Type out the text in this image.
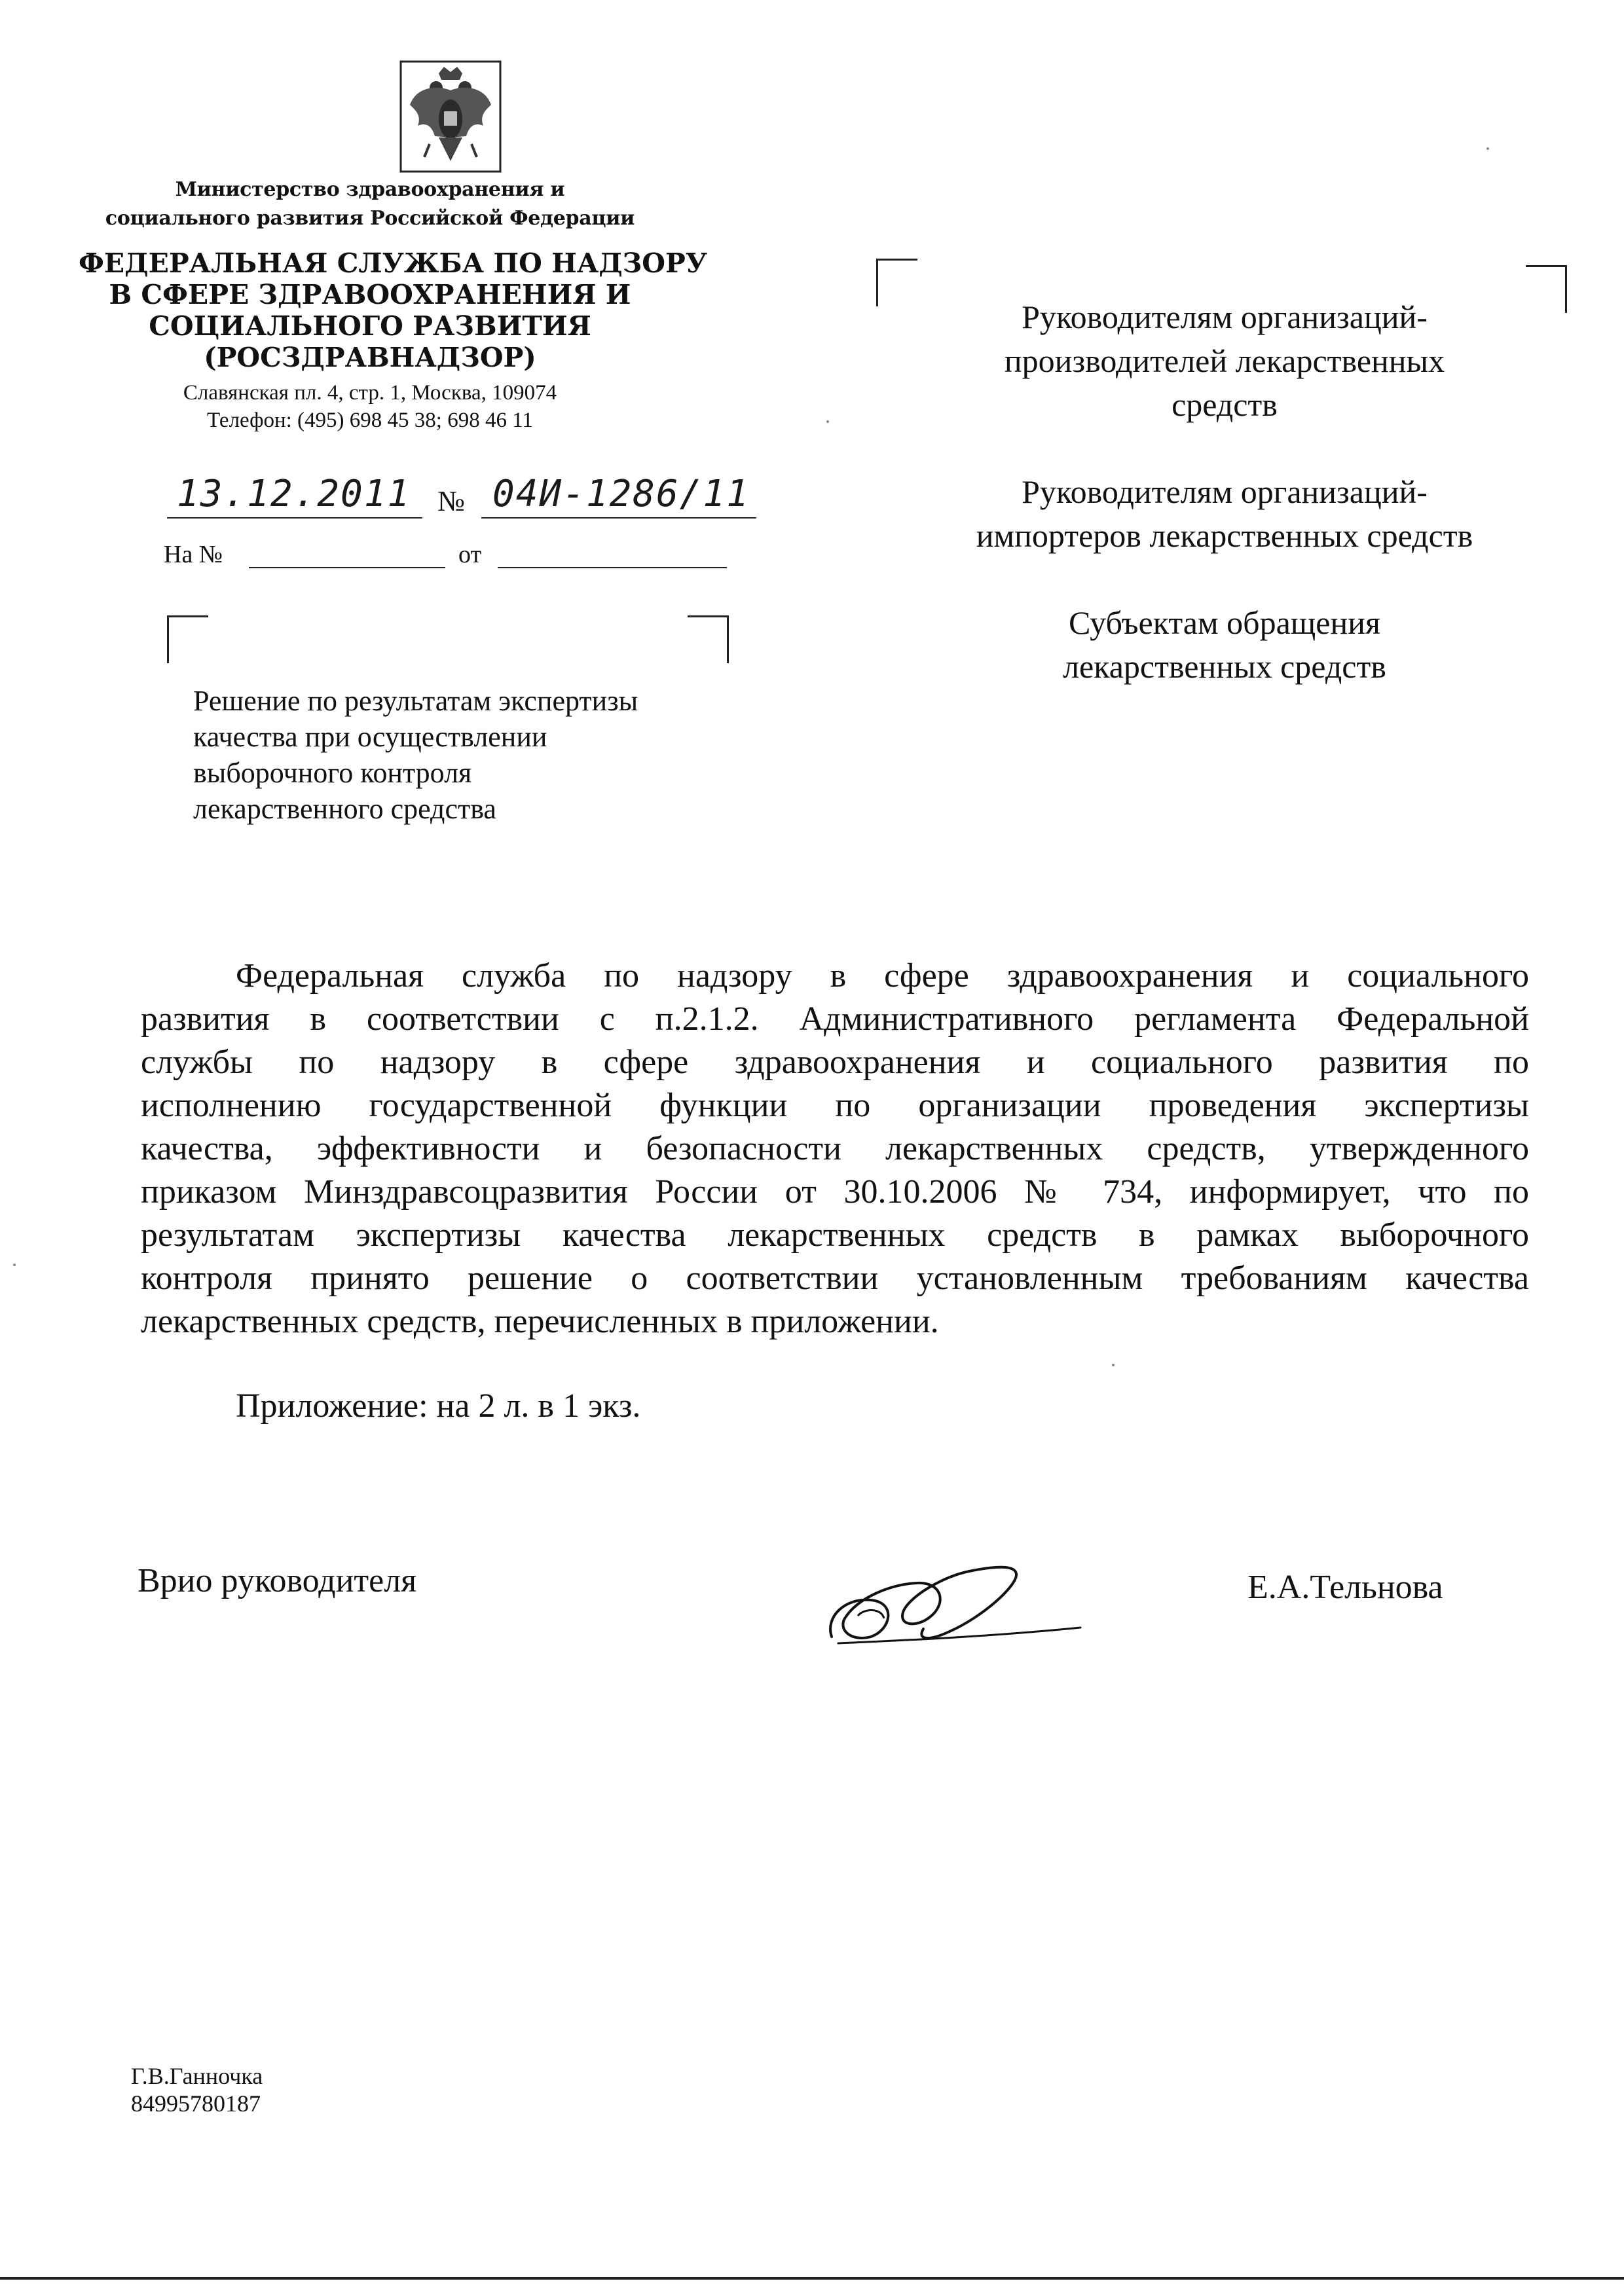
Министерство здравоохранения и
социального развития Российской Федерации
ФЕДЕРАЛЬНАЯ СЛУЖБА ПО НАДЗОРУ
В СФЕРЕ ЗДРАВООХРАНЕНИЯ И
СОЦИАЛЬНОГО РАЗВИТИЯ
(РОСЗДРАВНАДЗОР)
Славянская пл. 4, стр. 1, Москва, 109074
Телефон: (495) 698 45 38; 698 46 11
13.12.2011 № 04И-1286/11
На №	от
Решение по результатам экспертизы
качества при осуществлении
выборочного контроля
лекарственного средства
Руководителям организаций-
производителей лекарственных
средств
Руководителям организаций-
импортеров лекарственных средств
Субъектам обращения
лекарственных средств
Федеральная служба по надзору в сфере здравоохранения и социального
развития в соответствии с п.2.1.2. Административного регламента Федеральной
службы по надзору в сфере здравоохранения и социального развития по
исполнению государственной функции по организации проведения экспертизы
качества, эффективности и безопасности лекарственных средств, утвержденного
приказом Минздравсоцразвития России от 30.10.2006 № 734, информирует, что по
результатам экспертизы качества лекарственных средств в рамках выборочного
контроля принято решение о соответствии установленным требованиям качества
лекарственных средств, перечисленных в приложении.
Приложение: на 2 л. в 1 экз.
Врио руководителя	Е.А.Тельнова
Г.В.Ганночка
84995780187
